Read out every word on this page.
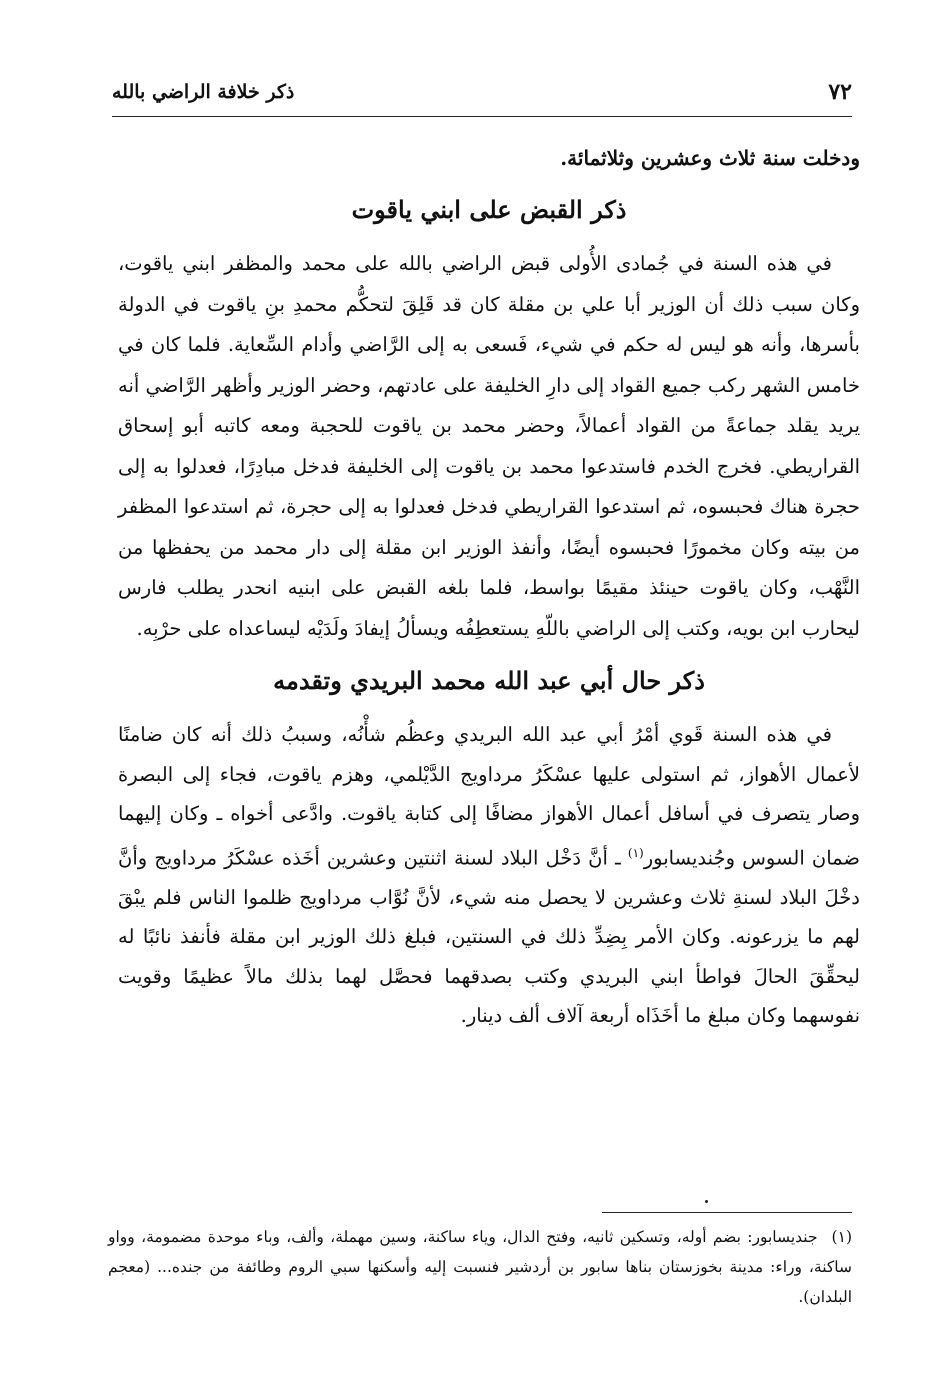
٧٢
ذكر خلافة الراضي بالله

ودخلت سنة ثلاث وعشرين وثلاثمائة.

ذكر القبض على ابني ياقوت

في هذه السنة في جُمادى الأُولى قبض الراضي بالله على محمد والمظفر ابني ياقوت، وكان سبب ذلك أن الوزير أبا علي بن مقلة كان قد قَلِقَ لتحكُّم محمدِ بنِ ياقوت في الدولة بأسرها، وأنه هو ليس له حكم في شيء، فَسعى به إلى الرَّاضي وأدام السِّعاية. فلما كان في خامس الشهر ركب جميع القواد إلى دارِ الخليفة على عادتهم، وحضر الوزير وأظهر الرَّاضي أنه يريد يقلد جماعةً من القواد أعمالاً، وحضر محمد بن ياقوت للحجبة ومعه كاتبه أبو إسحاق القراريطي. فخرج الخدم فاستدعوا محمد بن ياقوت إلى الخليفة فدخل مبادِرًا، فعدلوا به إلى حجرة هناك فحبسوه، ثم استدعوا القراريطي فدخل فعدلوا به إلى حجرة، ثم استدعوا المظفر من بيته وكان مخمورًا فحبسوه أيضًا، وأنفذ الوزير ابن مقلة إلى دار محمد من يحفظها من النَّهْب، وكان ياقوت حينئذ مقيمًا بواسط، فلما بلغه القبض على ابنيه انحدر يطلب فارس ليحارب ابن بويه، وكتب إلى الراضي باللّهِ يستعطِفُه ويسألُ إيفادَ ولَدَيْه ليساعداه على حرْبِه.

ذكر حال أبي عبد الله محمد البريدي وتقدمه

في هذه السنة قَوي أمْرُ أبي عبد الله البريدي وعظُم شأْنُه، وسببُ ذلك أنه كان ضامنًا لأعمال الأهواز، ثم استولى عليها عسْكَرُ مرداويج الدَّيْلمي، وهزم ياقوت، فجاء إلى البصرة وصار يتصرف في أسافل أعمال الأهواز مضافًا إلى كتابة ياقوت. وادَّعى أخواه ـ وكان إليهما ضمان السوس وجُنديسابور$^{(١)}$ ـ أنَّ دَخْل البلاد لسنة اثنتين وعشرين أخَذه عسْكَرُ مرداويج وأنَّ دخْلَ البلاد لسنةِ ثلاث وعشرين لا يحصل منه شيء، لأنَّ نُوَّاب مرداويج ظلموا الناس فلم يبْقَ لهم ما يزرعونه. وكان الأمر بِضِدِّ ذلك في السنتين، فبلغ ذلك الوزير ابن مقلة فأنفذ نائبًا له ليحقِّقَ الحالَ فواطأ ابني البريدي وكتب بصدقهما فحصَّل لهما بذلك مالاً عظيمًا وقويت نفوسهما وكان مبلغ ما أخَذَاه أربعة آلاف ألف دينار.

(١)جنديسابور: بضم أوله، وتسكين ثانيه، وفتح الدال، وياء ساكنة، وسين مهملة، وألف، وباء موحدة مضمومة، وواو ساكنة، وراء: مدينة بخوزستان بناها سابور بن أردشير فنسبت إليه وأسكنها سبي الروم وطائفة من جنده... (معجم البلدان).
